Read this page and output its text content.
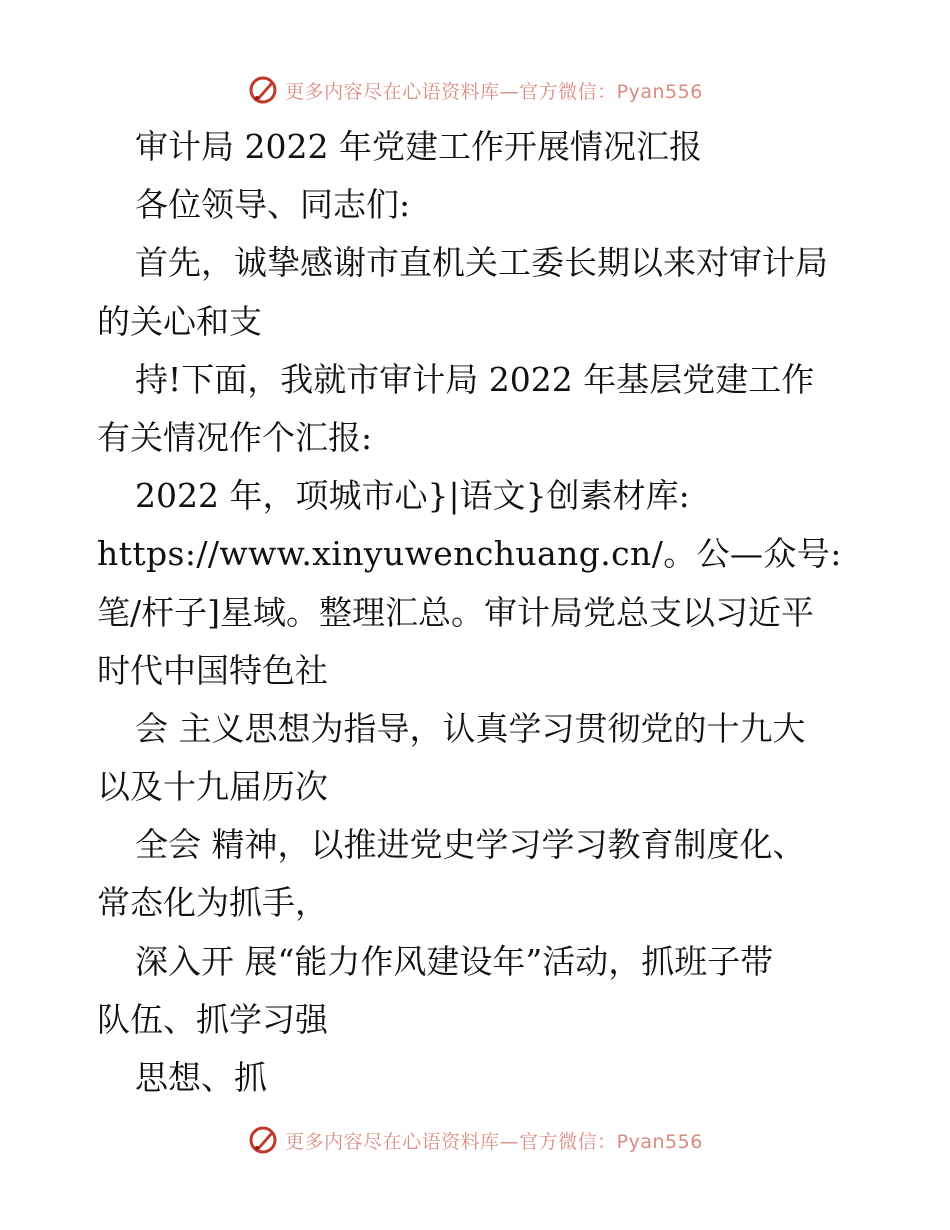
更多内容尽在心语资料库—官方微信：Pyan556
审计局 2022 年党建工作开展情况汇报
各位领导、同志们:
首先，诚挚感谢市直机关工委长期以来对审计局
的关心和支
持!下面，我就市审计局 2022 年基层党建工作
有关情况作个汇报:
2022 年，项城市心}|语文}创素材库:
https://www.xinyuwenchuang.cn/。公—众号:
笔/杆子]星域。整理汇总。审计局党总支以习近平
时代中国特色社
会 主义思想为指导，认真学习贯彻党的十九大
以及十九届历次
全会 精神，以推进党史学习学习教育制度化、
常态化为抓手，
深入开 展“能力作风建设年”活动，抓班子带
队伍、抓学习强
思想、抓
更多内容尽在心语资料库—官方微信：Pyan556
